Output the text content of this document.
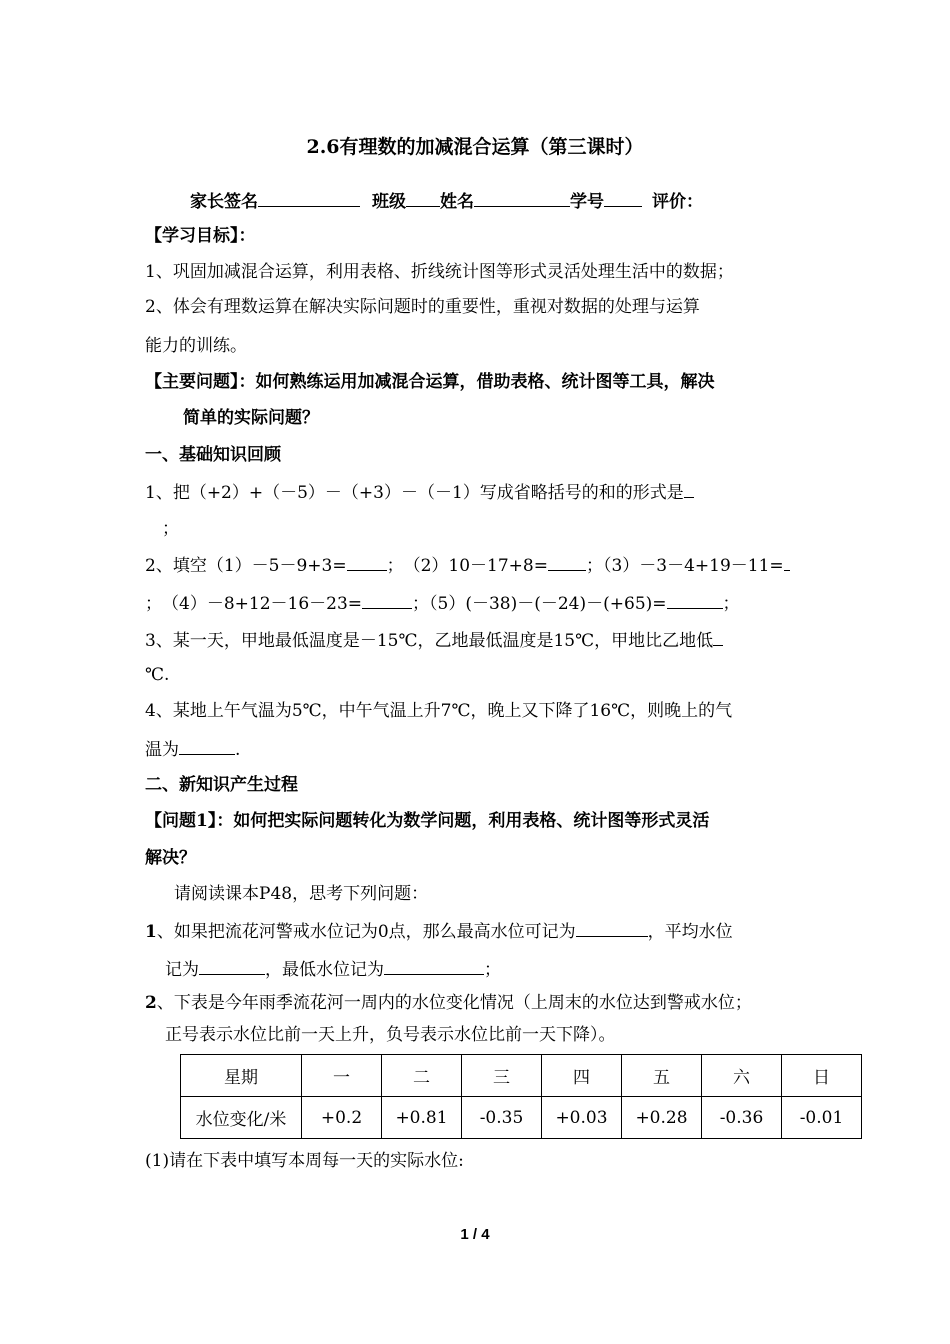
2.6有理数的加减混合运算（第三课时）
家长签名	班级 姓名	学号	评价：
【学习目标】：
1、巩固加减混合运算，利用表格、折线统计图等形式灵活处理生活中的数据；
2、体会有理数运算在解决实际问题时的重要性，重视对数据的处理与运算
能力的训练。
【主要问题】：如何熟练运用加减混合运算，借助表格、统计图等工具，解决
简单的实际问题？
一、基础知识回顾
1、把（+2）+（－5）－（+3）－（－1）写成省略括号的和的形式是
；
2、填空（1）－5－9+3= ；　（2）10－17+8= ；（3）－3－4+19－11=
；　（4）－8+12－16－23=	；（5）(－38)－(－24)－(+65)=	；
3、某一天，甲地最低温度是－15℃，乙地最低温度是15℃，甲地比乙地低
℃.
4、某地上午气温为5℃，中午气温上升7℃，晚上又下降了16℃，则晚上的气
温为	.
二、新知识产生过程
【问题1】：如何把实际问题转化为数学问题，利用表格、统计图等形式灵活
解决？
请阅读课本P48，思考下列问题：
1、如果把流花河警戒水位记为0点，那么最高水位可记为	，平均水位
记为	，最低水位记为	；
2、下表是今年雨季流花河一周内的水位变化情况（上周末的水位达到警戒水位；
正号表示水位比前一天上升，负号表示水位比前一天下降）。
星期	一	二	三	四	五	六	日
水位变化/米	+0.2	+0.81	-0.35	+0.03	+0.28	-0.36	-0.01
(1)请在下表中填写本周每一天的实际水位:
1 / 4
